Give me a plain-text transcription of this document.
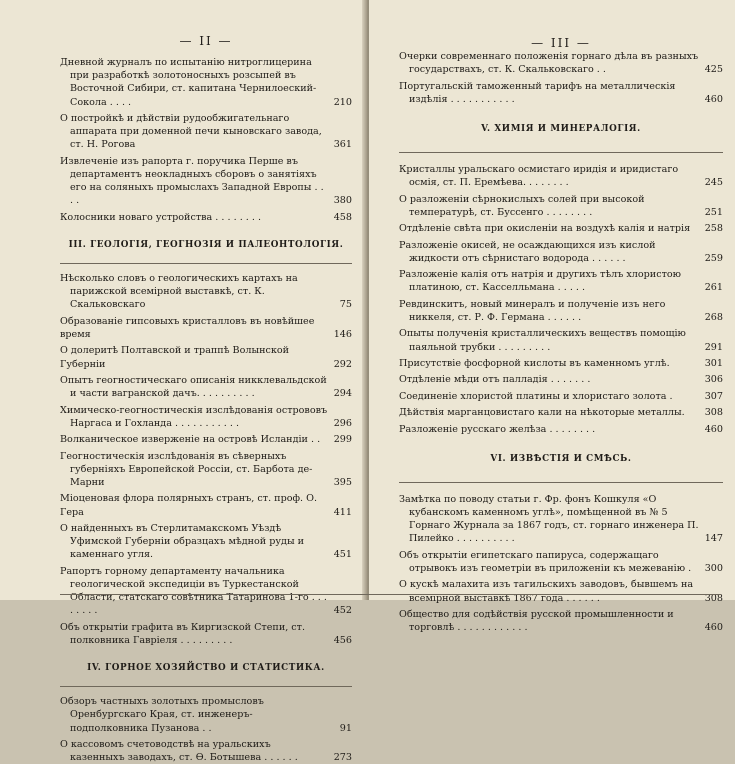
— II —
Дневной журналъ по испытанію нитроглицерина при разработкѣ золотоносныхъ розсыпей въ Восточной Сибири, ст. капитана Чернилоеский-Сокола . . . .	210
О постройкѣ и дѣйствіи рудообжигательнаго аппарата при доменной печи кыновскаго завода, ст. Н. Рогова	361
Извлеченіе изъ рапорта г. поручика Перше въ департаментъ неокладныхъ сборовъ о занятіяхъ его на соляныхъ промыслахъ Западной Европы . . . .	380
Колосники новаго устройства . . . . . . . .	458
III. ГЕОЛОГІЯ, ГЕОГНОЗІЯ И ПАЛЕОНТОЛОГІЯ.
Нѣсколько словъ о геологическихъ картахъ на парижской всемірной выставкѣ, ст. К. Скальковскаго	75
Образованіе гипсовыхъ кристалловъ въ новѣйшее время	146
О долеритѣ Полтавской и траппѣ Волынской Губерніи	292
Опытъ геогностическаго описанія никклевальдской и части вагранской дачъ. . . . . . . . . .	294
Химическо-геогностическія изслѣдованія острововъ Наргаса и Гохланда . . . . . . . . . . .	296
Волканическое изверженіе на островѣ Исландіи . .	299
Геогностическія изслѣдованія въ сѣверныхъ губерніяхъ Европейской Россіи, ст. Барбота де-Марни	395
Міоценовая флора полярныхъ странъ, ст. проф. О. Гера	411
О найденныхъ въ Стерлитамакскомъ Уѣздѣ Уфимской Губерніи образцахъ мѣдной руды и каменнаго угля.	451
Рапортъ горному департаменту начальника геологической экспедиціи въ Туркестанской Области, статскаго совѣтника Татаринова 1-го . . . . . . . .	452
Объ открытіи графита въ Киргизской Степи, ст. полковника Гавріеля . . . . . . . . .	456
IV. ГОРНОЕ ХОЗЯЙСТВО И СТАТИСТИКА.
Обзоръ частныхъ золотыхъ промысловъ Оренбургскаго Края, ст. инженеръ-подполковника Пузанова . .	91
О кассовомъ счетоводствѣ на уральскихъ казенныхъ заводахъ, ст. Ѳ. Ботышева . . . . . .	273
— III —
Очерки современнаго положенія горнаго дѣла въ разныхъ государствахъ, ст. К. Скальковскаго . .	425
Португальскій таможенный тарифъ на металлическія издѣлія . . . . . . . . . . .	460
V. ХИМІЯ И МИНЕРАЛОГІЯ.
Кристаллы уральскаго осмистаго иридія и иридистаго осмія, ст. П. Еремѣева. . . . . . . .	245
О разложеніи сѣрнокислыхъ солей при высокой температурѣ, ст. Буссенго . . . . . . . .	251
Отдѣленіе свѣта при окисленіи на воздухѣ калія и натрія	258
Разложеніе окисей, не осаждающихся изъ кислой жидкости отъ сѣрнистаго водорода . . . . . .	259
Разложеніе калія отъ натрія и другихъ тѣлъ хлористою платиною, ст. Касселльмана . . . . .	261
Ревдинскитъ, новый минералъ и полученіе изъ него никкеля, ст. Р. Ф. Германа . . . . . .	268
Опыты полученія кристаллическихъ веществъ помощію паяльной трубки . . . . . . . . .	291
Присутствіе фосфорной кислоты въ каменномъ углѣ.	301
Отдѣленіе мѣди отъ палладія . . . . . . .	306
Соединеніе хлористой платины и хлористаго золота .	307
Дѣйствія марганцовистаго кали на нѣкоторые металлы.	308
Разложеніе русскаго желѣза . . . . . . . .	460
VI. ИЗВѢСТІЯ И СМѢСЬ.
Замѣтка по поводу статьи г. Фр. фонъ Кошкуля «О кубанскомъ каменномъ углѣ», помѣщенной въ № 5 Горнаго Журнала за 1867 годъ, ст. горнаго инженера П. Пилейко . . . . . . . . . .	147
Объ открытіи египетскаго папируса, содержащаго отрывокъ изъ геометріи въ приложеніи къ межеванію .	300
О кускѣ малахита изъ тагильскихъ заводовъ, бывшемъ на всемірной выставкѣ 1867 года . . . . . .	308
Общество для содѣйствія русской промышленности и торговлѣ . . . . . . . . . . . .	460
